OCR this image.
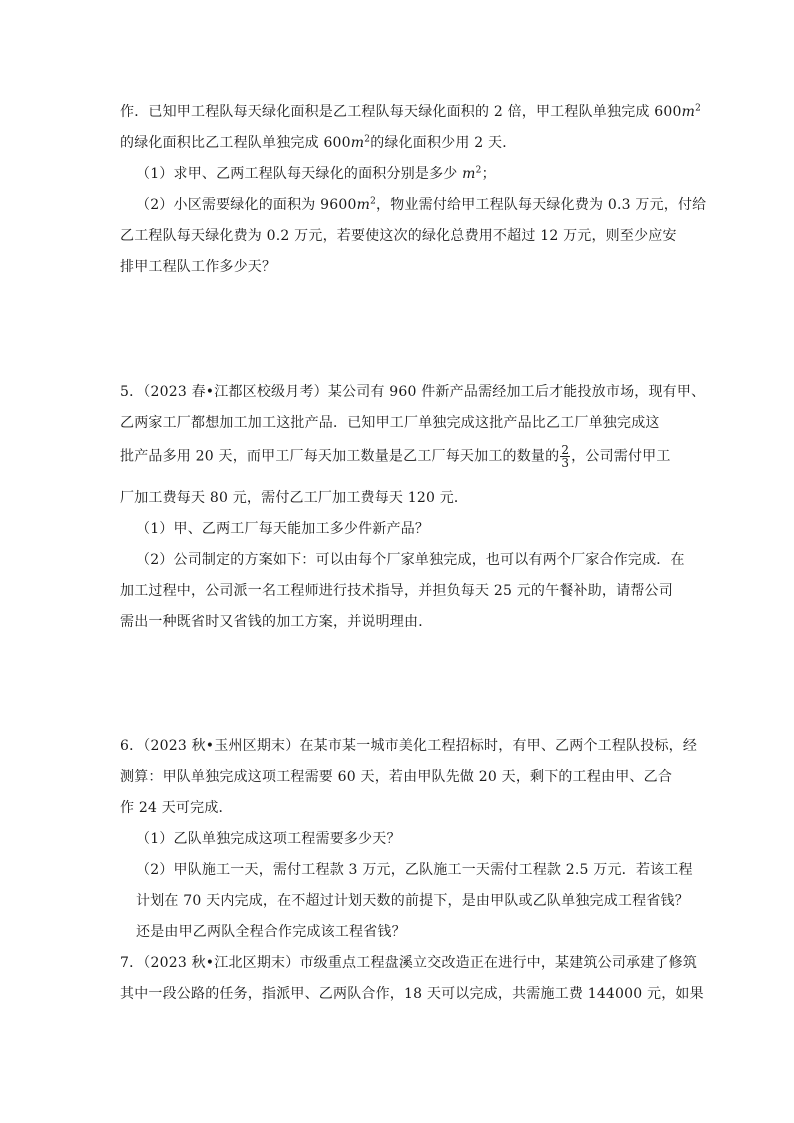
作．已知甲工程队每天绿化面积是乙工程队每天绿化面积的 2 倍，甲工程队单独完成 $600m^2$
的绿化面积比乙工程队单独完成 $600m^2$的绿化面积少用 2 天．
（1）求甲、乙两工程队每天绿化的面积分别是多少 $m^2$；
（2）小区需要绿化的面积为 $9600m^2$，物业需付给甲工程队每天绿化费为 0.3 万元，付给
乙工程队每天绿化费为 0.2 万元，若要使这次的绿化总费用不超过 12 万元，则至少应安
排甲工程队工作多少天？
5．（2023 春•江都区校级月考）某公司有 960 件新产品需经加工后才能投放市场，现有甲、
乙两家工厂都想加工加工这批产品．已知甲工厂单独完成这批产品比乙工厂单独完成这
批产品多用 20 天，而甲工厂每天加工数量是乙工厂每天加工的数量的 $\frac{2}{3}$ ，公司需付甲工
厂加工费每天 80 元，需付乙工厂加工费每天 120 元．
（1）甲、乙两工厂每天能加工多少件新产品？
（2）公司制定的方案如下：可以由每个厂家单独完成，也可以有两个厂家合作完成．在
加工过程中，公司派一名工程师进行技术指导，并担负每天 25 元的午餐补助，请帮公司
需出一种既省时又省钱的加工方案，并说明理由．
6．（2023 秋•玉州区期末）在某市某一城市美化工程招标时，有甲、乙两个工程队投标，经
测算：甲队单独完成这项工程需要 60 天，若由甲队先做 20 天，剩下的工程由甲、乙合
作 24 天可完成．
（1）乙队单独完成这项工程需要多少天？
（2）甲队施工一天，需付工程款 3 万元，乙队施工一天需付工程款 2.5 万元．若该工程
计划在 70 天内完成，在不超过计划天数的前提下，是由甲队或乙队单独完成工程省钱？
还是由甲乙两队全程合作完成该工程省钱？
7．（2023 秋•江北区期末）市级重点工程盘溪立交改造正在进行中，某建筑公司承建了修筑
其中一段公路的任务，指派甲、乙两队合作，18 天可以完成，共需施工费 144000 元，如果
